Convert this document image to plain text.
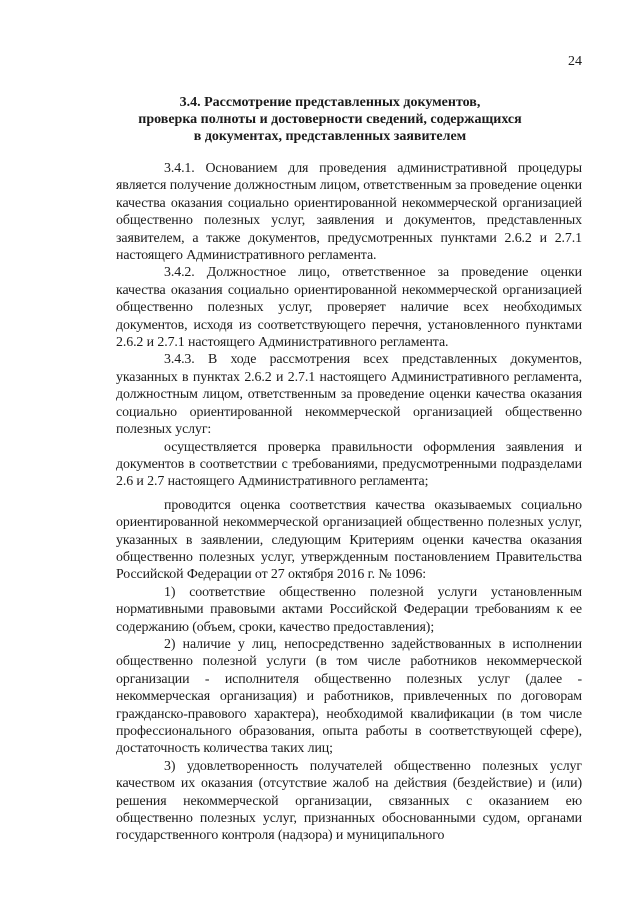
24
3.4. Рассмотрение представленных документов,
проверка полноты и достоверности сведений, содержащихся
в документах, представленных заявителем

3.4.1. Основанием для проведения административной процедуры является получение должностным лицом, ответственным за проведение оценки качества оказания социально ориентированной некоммерческой организацией общественно полезных услуг, заявления и документов, представленных заявителем, а также документов, предусмотренных пунктами 2.6.2 и 2.7.1 настоящего Административного регламента.

3.4.2. Должностное лицо, ответственное за проведение оценки качества оказания социально ориентированной некоммерческой организацией общественно полезных услуг, проверяет наличие всех необходимых документов, исходя из соответствующего перечня, установленного пунктами 2.6.2 и 2.7.1 настоящего Административного регламента.

3.4.3. В ходе рассмотрения всех представленных документов, указанных в пунктах 2.6.2 и 2.7.1 настоящего Административного регламента, должностным лицом, ответственным за проведение оценки качества оказания социально ориентированной некоммерческой организацией общественно полезных услуг:

осуществляется проверка правильности оформления заявления и документов в соответствии с требованиями, предусмотренными подразделами 2.6 и 2.7 настоящего Административного регламента;

проводится оценка соответствия качества оказываемых социально ориентированной некоммерческой организацией общественно полезных услуг, указанных в заявлении, следующим Критериям оценки качества оказания общественно полезных услуг, утвержденным постановлением Правительства Российской Федерации от 27 октября 2016 г. № 1096:

1) соответствие общественно полезной услуги установленным нормативными правовыми актами Российской Федерации требованиям к ее содержанию (объем, сроки, качество предоставления);

2) наличие у лиц, непосредственно задействованных в исполнении общественно полезной услуги (в том числе работников некоммерческой организации - исполнителя общественно полезных услуг (далее - некоммерческая организация) и работников, привлеченных по договорам гражданско-правового характера), необходимой квалификации (в том числе профессионального образования, опыта работы в соответствующей сфере), достаточность количества таких лиц;

3) удовлетворенность получателей общественно полезных услуг качеством их оказания (отсутствие жалоб на действия (бездействие) и (или) решения некоммерческой организации, связанных с оказанием ею общественно полезных услуг, признанных обоснованными судом, органами государственного контроля (надзора) и муниципального
